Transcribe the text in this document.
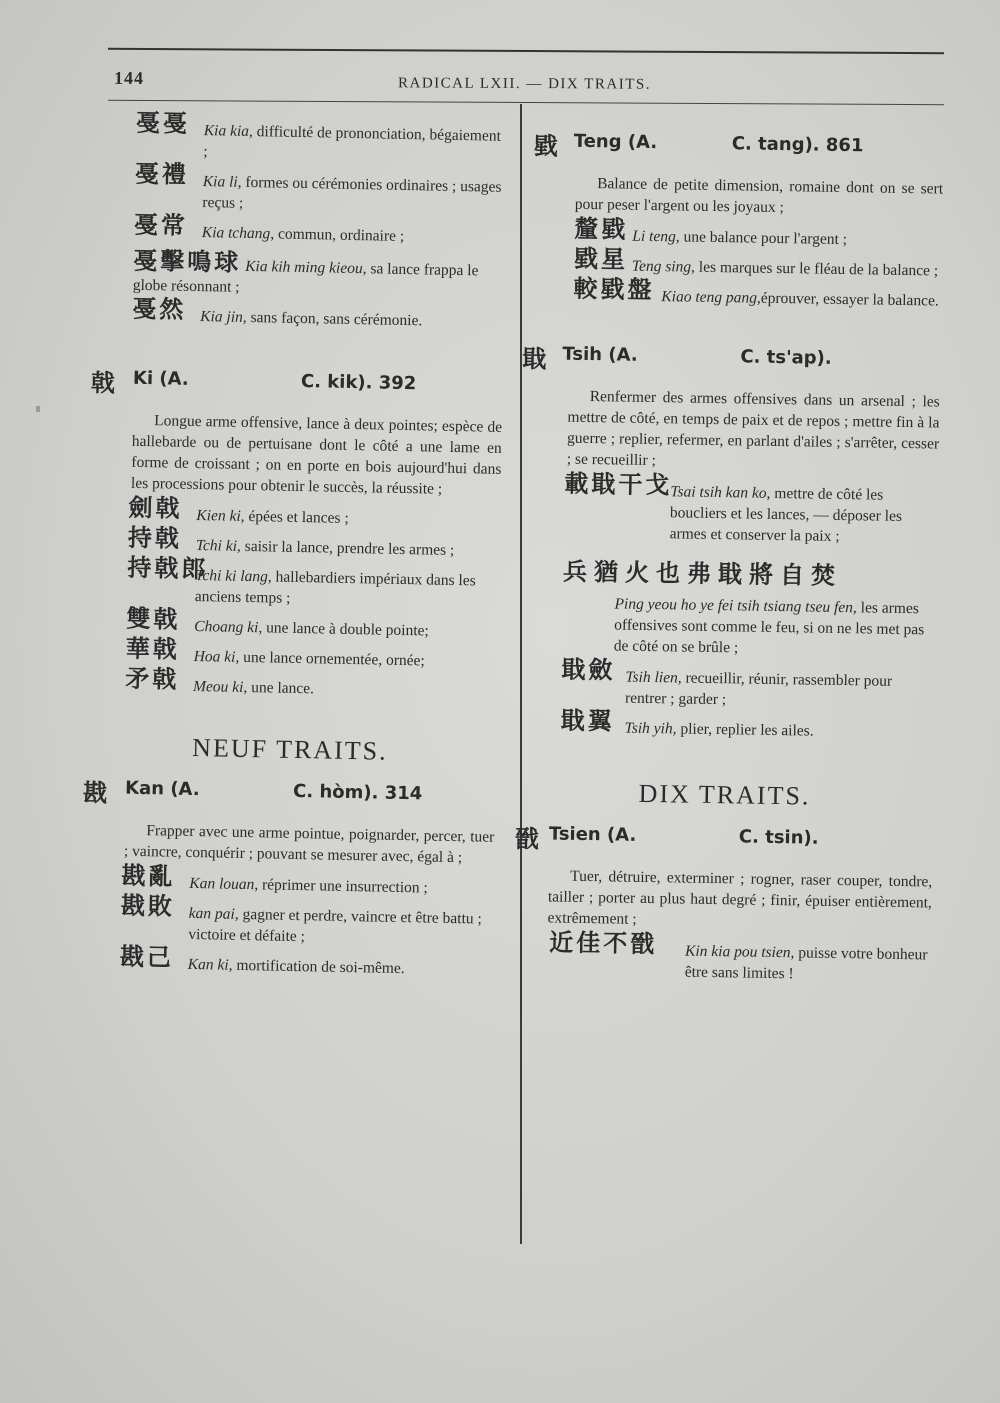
144	RADICAL LXII. — DIX TRAITS.
戞戞 Kia kia, difficulté de prononciation, bégaiement ;
戞禮 Kia li, formes ou cérémonies ordinaires ; usages reçus ;
戞常 Kia tchang, commun, ordinaire ;
戞擊鳴球 Kia kih ming kieou, sa lance frappa le globe résonnant ;
戞然 Kia jin, sans façon, sans cérémonie.
戟 Ki (A.	C. kik). 392

Longue arme offensive, lance à deux pointes; espèce de hallebarde ou de pertuisane dont le côté a une lame en forme de croissant ; on en porte en bois aujourd'hui dans les processions pour obtenir le succès, la réussite ;

劍戟 Kien ki, épées et lances ;
持戟 Tchi ki, saisir la lance, prendre les armes ;
持戟郎
Tchi ki lang, hallebardiers impériaux dans les anciens temps ;
雙戟 Choang ki, une lance à double pointe;
華戟 Hoa ki, une lance ornementée, ornée;
矛戟 Meou ki, une lance.
NEUF TRAITS.
戡 Kan (A.	C. hòm). 314

Frapper avec une arme pointue, poignarder, percer, tuer ; vaincre, conquérir ; pouvant se mesurer avec, égal à ;

戡亂 Kan louan, réprimer une insurrection ;
戡敗 kan pai, gagner et perdre, vaincre et être battu ; victoire et défaite ;
戡己 Kan ki, mortification de soi-même.
戥 Teng (A.	C. tang). 861

Balance de petite dimension, romaine dont on se sert pour peser l'argent ou les joyaux ;

釐戥 Li teng, une balance pour l'argent ;
戥星 Teng sing, les marques sur le fléau de la balance ;
較戥盤 Kiao teng pang,éprouver, essayer la balance.
戢 Tsih (A.	C. ts'ap).

Renfermer des armes offensives dans un arsenal ; les mettre de côté, en temps de paix et de repos ; mettre fin à la guerre ; replier, refermer, en parlant d'ailes ; s'arrêter, cesser ; se recueillir ;

載戢干戈
Tsai tsih kan ko, mettre de côté les boucliers et les lances, — déposer les armes et conserver la paix ;
兵猶火也弗戢將自焚
Ping yeou ho ye fei tsih tsiang tseu fen, les armes offensives sont comme le feu, si on ne les met pas de côté on se brûle ;
戢斂 Tsih lien, recueillir, réunir, rassembler pour rentrer ; garder ;
戢翼 Tsih yih, plier, replier les ailes.
DIX TRAITS.
戩 Tsien (A.	C. tsin).

Tuer, détruire, exterminer ; rogner, raser couper, tondre, tailler ; porter au plus haut degré ; finir, épuiser entièrement, extrêmement ;

近佳不戩 Kin kia pou tsien, puisse votre bonheur être sans limites !
